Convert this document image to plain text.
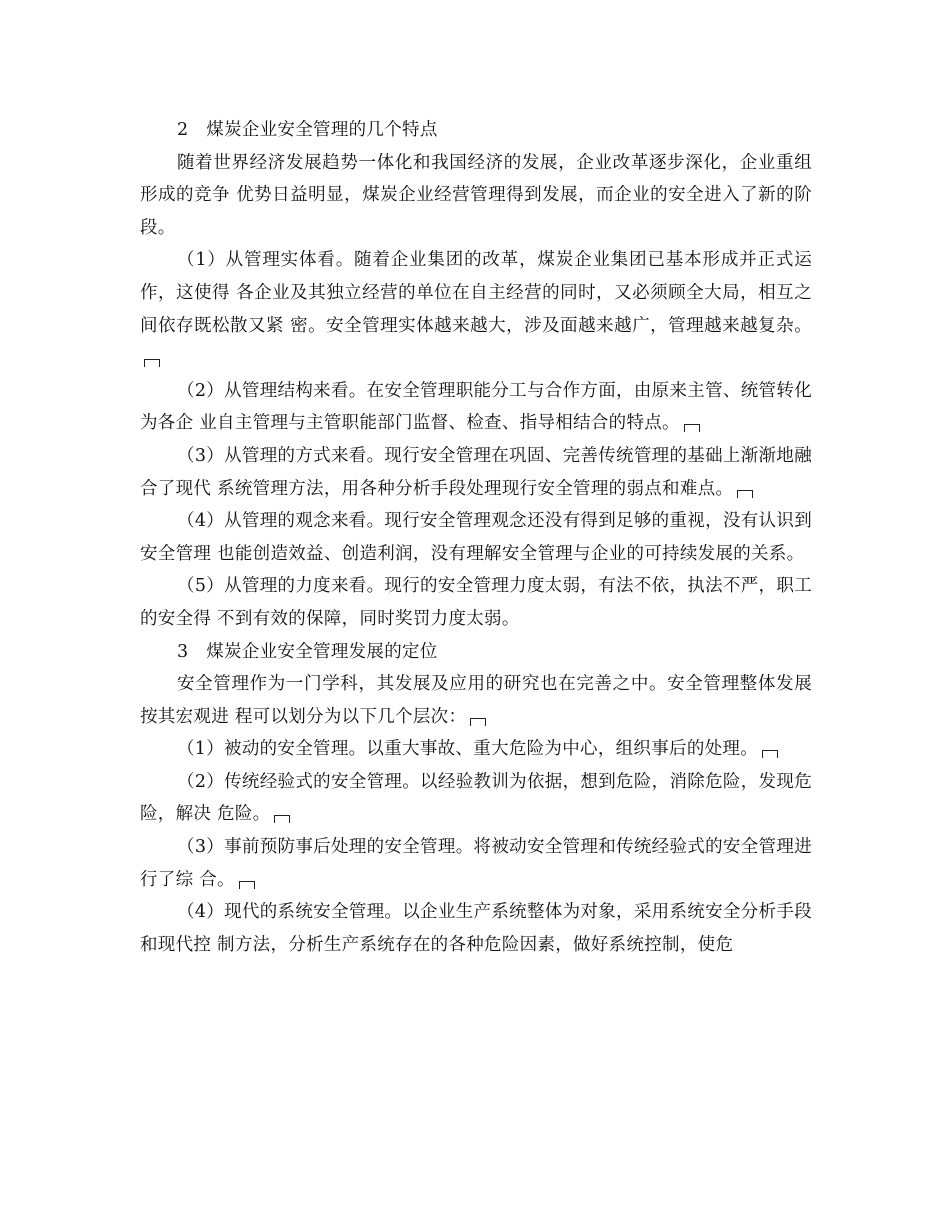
2　煤炭企业安全管理的几个特点

随着世界经济发展趋势一体化和我国经济的发展，企业改革逐步深化，企业重组形成的竞争 优势日益明显，煤炭企业经营管理得到发展，而企业的安全进入了新的阶段。

（1）从管理实体看。随着企业集团的改革，煤炭企业集团已基本形成并正式运作，这使得 各企业及其独立经营的单位在自主经营的同时，又必须顾全大局，相互之间依存既松散又紧 密。安全管理实体越来越大，涉及面越来越广，管理越来越复杂。

（2）从管理结构来看。在安全管理职能分工与合作方面，由原来主管、统管转化为各企 业自主管理与主管职能部门监督、检查、指导相结合的特点。

（3）从管理的方式来看。现行安全管理在巩固、完善传统管理的基础上渐渐地融合了现代 系统管理方法，用各种分析手段处理现行安全管理的弱点和难点。

（4）从管理的观念来看。现行安全管理观念还没有得到足够的重视，没有认识到安全管理 也能创造效益、创造利润，没有理解安全管理与企业的可持续发展的关系。

（5）从管理的力度来看。现行的安全管理力度太弱，有法不依，执法不严，职工的安全得 不到有效的保障，同时奖罚力度太弱。

3　煤炭企业安全管理发展的定位

安全管理作为一门学科，其发展及应用的研究也在完善之中。安全管理整体发展按其宏观进 程可以划分为以下几个层次：

（1）被动的安全管理。以重大事故、重大危险为中心，组织事后的处理。

（2）传统经验式的安全管理。以经验教训为依据，想到危险，消除危险，发现危险，解决 危险。

（3）事前预防事后处理的安全管理。将被动安全管理和传统经验式的安全管理进行了综 合。

（4）现代的系统安全管理。以企业生产系统整体为对象，采用系统安全分析手段和现代控 制方法，分析生产系统存在的各种危险因素，做好系统控制，使危
